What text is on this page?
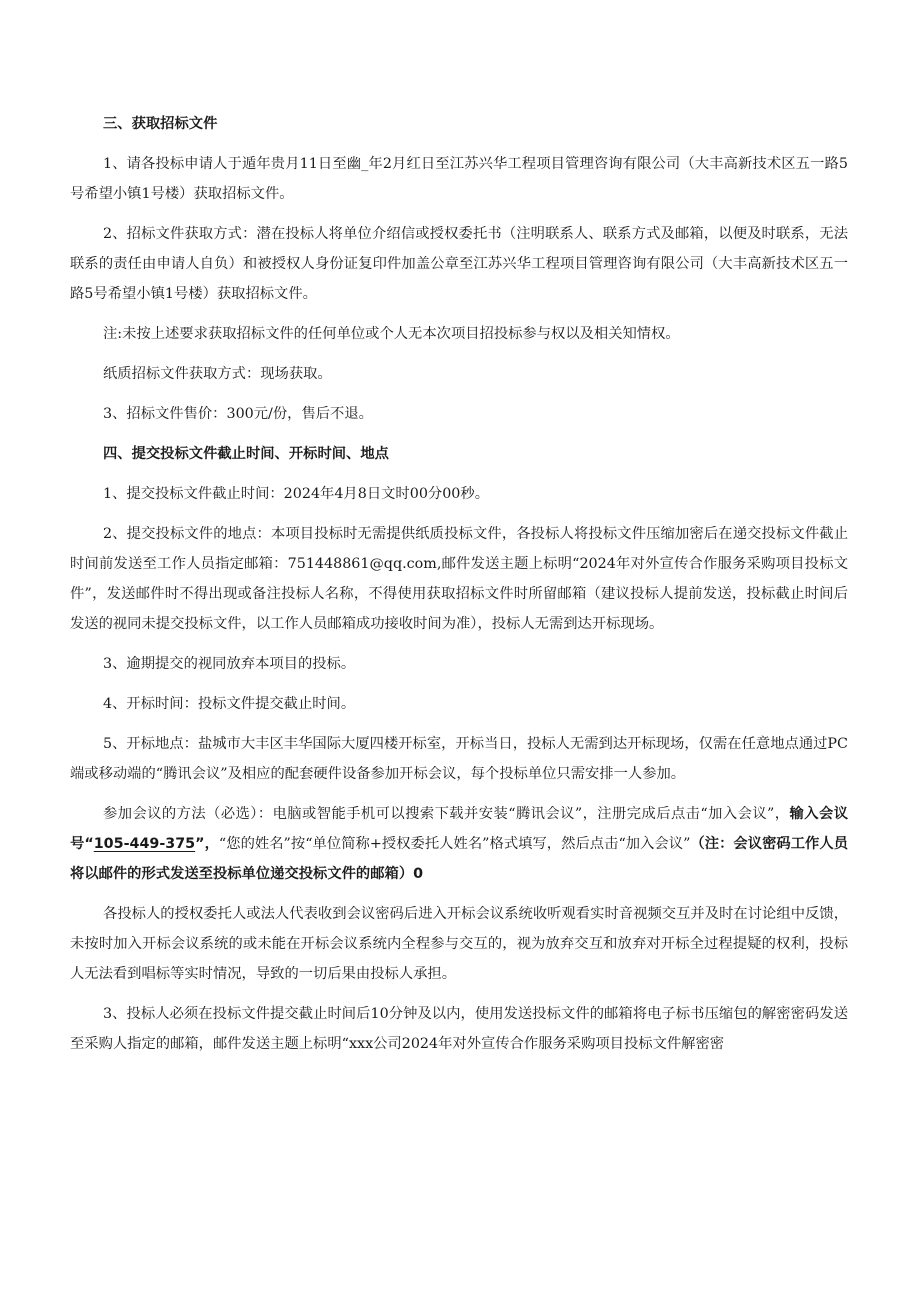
三、获取招标文件

1、请各投标申请人于遁年贵月11日至幽_年2月红日至江苏兴华工程项目管理咨询有限公司（大丰高新技术区五一路5号希望小镇1号楼）获取招标文件。

2、招标文件获取方式：潜在投标人将单位介绍信或授权委托书（注明联系人、联系方式及邮箱，以便及时联系，无法联系的责任由申请人自负）和被授权人身份证复印件加盖公章至江苏兴华工程项目管理咨询有限公司（大丰高新技术区五一路5号希望小镇1号楼）获取招标文件。

注:未按上述要求获取招标文件的任何单位或个人无本次项目招投标参与权以及相关知情权。

纸质招标文件获取方式：现场获取。

3、招标文件售价：300元/份，售后不退。

四、提交投标文件截止时间、开标时间、地点

1、提交投标文件截止时间：2024年4月8日文时00分00秒。

2、提交投标文件的地点：本项目投标时无需提供纸质投标文件，各投标人将投标文件压缩加密后在递交投标文件截止时间前发送至工作人员指定邮箱：751448861@qq.com,邮件发送主题上标明“2024年对外宣传合作服务采购项目投标文件”，发送邮件时不得出现或备注投标人名称，不得使用获取招标文件时所留邮箱（建议投标人提前发送，投标截止时间后发送的视同未提交投标文件，以工作人员邮箱成功接收时间为准），投标人无需到达开标现场。

3、逾期提交的视同放弃本项目的投标。

4、开标时间：投标文件提交截止时间。

5、开标地点：盐城市大丰区丰华国际大厦四楼开标室，开标当日，投标人无需到达开标现场，仅需在任意地点通过PC端或移动端的“腾讯会议”及相应的配套硬件设备参加开标会议，每个投标单位只需安排一人参加。

参加会议的方法（必选）：电脑或智能手机可以搜索下载并安装“腾讯会议”，注册完成后点击“加入会议”，输入会议号“105-449-375”，“您的姓名”按“单位简称+授权委托人姓名”格式填写，然后点击“加入会议”（注：会议密码工作人员将以邮件的形式发送至投标单位递交投标文件的邮箱）0

各投标人的授权委托人或法人代表收到会议密码后进入开标会议系统收听观看实时音视频交互并及时在讨论组中反馈，未按时加入开标会议系统的或未能在开标会议系统内全程参与交互的，视为放弃交互和放弃对开标全过程提疑的权利，投标人无法看到唱标等实时情况，导致的一切后果由投标人承担。

3、投标人必须在投标文件提交截止时间后10分钟及以内，使用发送投标文件的邮箱将电子标书压缩包的解密密码发送至采购人指定的邮箱，邮件发送主题上标明“xxx公司2024年对外宣传合作服务采购项目投标文件解密密
